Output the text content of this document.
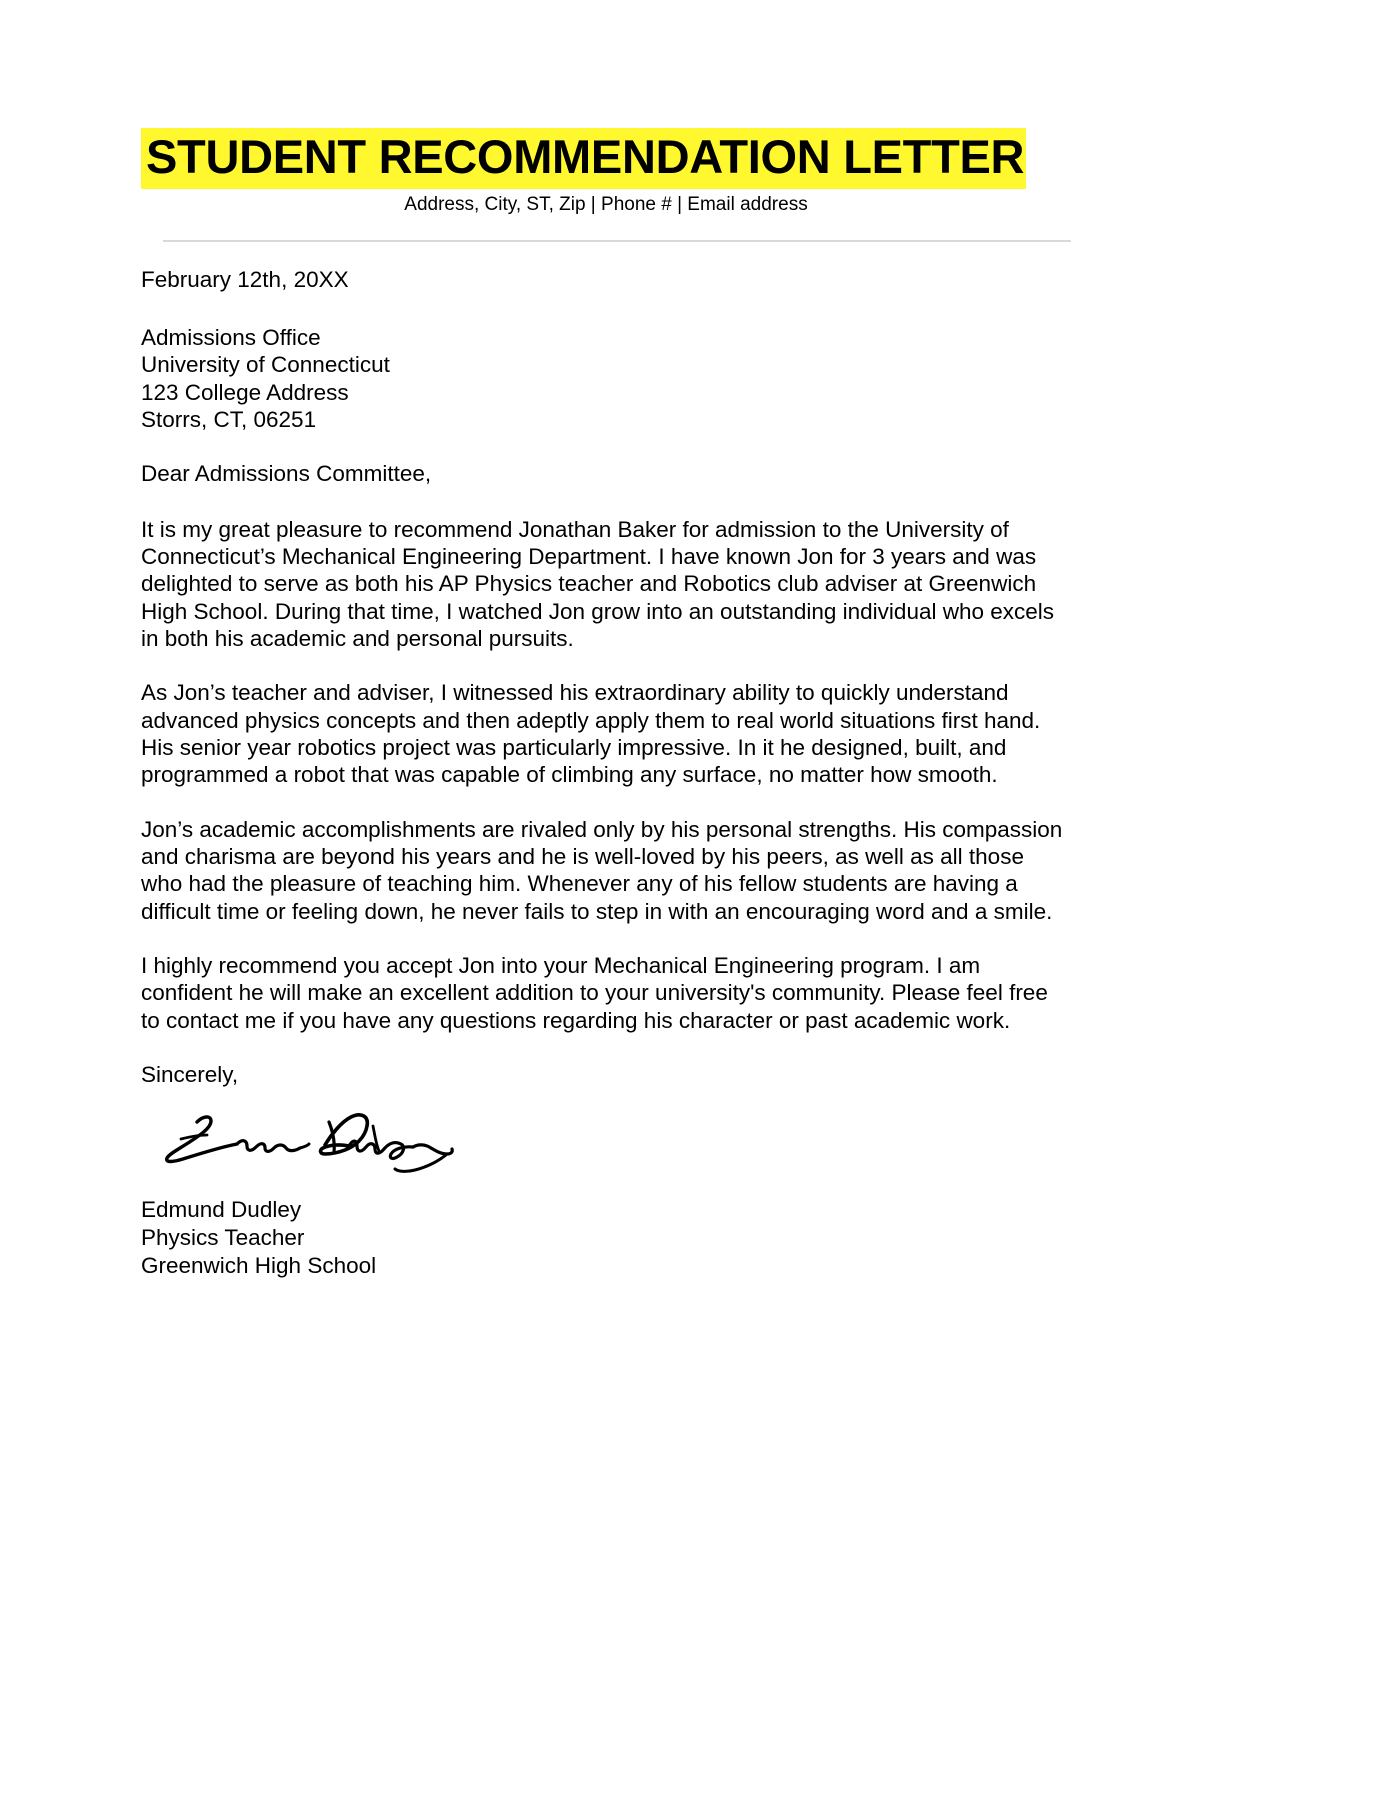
STUDENT RECOMMENDATION LETTER

Address, City, ST, Zip | Phone # | Email address

February 12th, 20XX

Admissions Office
University of Connecticut
123 College Address
Storrs, CT, 06251

Dear Admissions Committee,

It is my great pleasure to recommend Jonathan Baker for admission to the University of Connecticut’s Mechanical Engineering Department. I have known Jon for 3 years and was delighted to serve as both his AP Physics teacher and Robotics club adviser at Greenwich High School. During that time, I watched Jon grow into an outstanding individual who excels in both his academic and personal pursuits.

As Jon’s teacher and adviser, I witnessed his extraordinary ability to quickly understand advanced physics concepts and then adeptly apply them to real world situations first hand. His senior year robotics project was particularly impressive. In it he designed, built, and programmed a robot that was capable of climbing any surface, no matter how smooth.

Jon’s academic accomplishments are rivaled only by his personal strengths. His compassion and charisma are beyond his years and he is well-loved by his peers, as well as all those who had the pleasure of teaching him. Whenever any of his fellow students are having a difficult time or feeling down, he never fails to step in with an encouraging word and a smile.

I highly recommend you accept Jon into your Mechanical Engineering program. I am confident he will make an excellent addition to your university's community. Please feel free to contact me if you have any questions regarding his character or past academic work.

Sincerely,

Edmund Dudley
Physics Teacher
Greenwich High School
